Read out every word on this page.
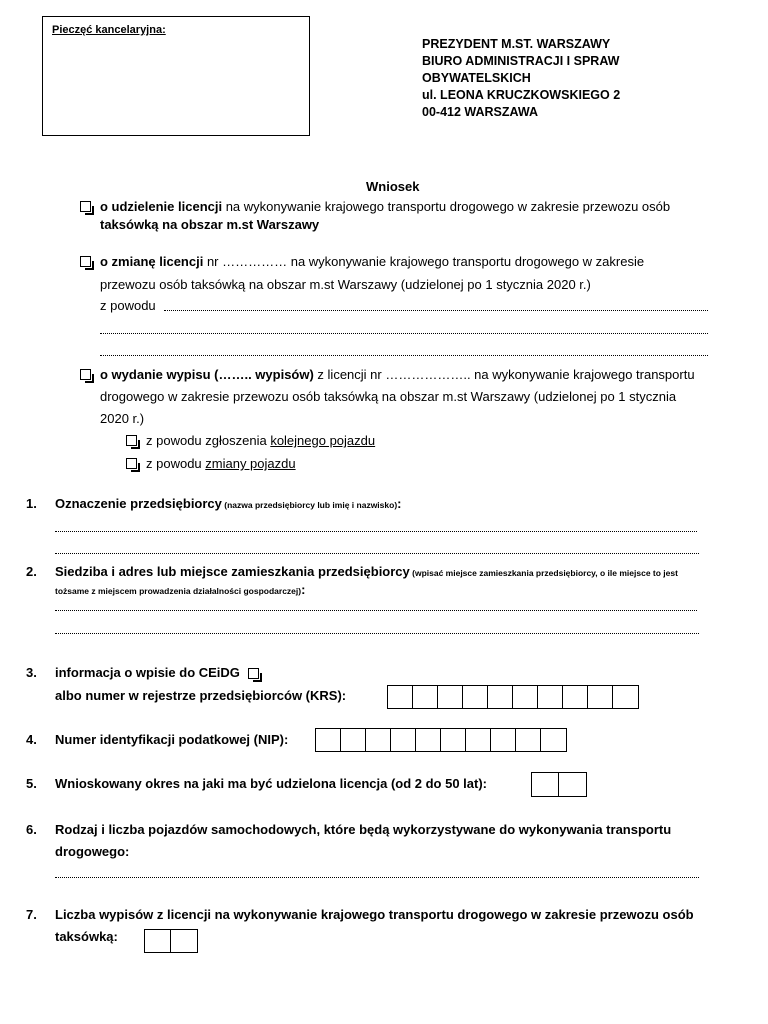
Pieczęć kancelaryjna:
PREZYDENT M.ST. WARSZAWY
BIURO ADMINISTRACJI I SPRAW
OBYWATELSKICH
ul. LEONA KRUCZKOWSKIEGO 2
00-412 WARSZAWA
Wniosek
o udzielenie licencji na wykonywanie krajowego transportu drogowego w zakresie przewozu osób
taksówką na obszar m.st Warszawy
o zmianę licencji nr …………… na wykonywanie krajowego transportu drogowego w zakresie
przewozu osób taksówką na obszar m.st Warszawy (udzielonej po 1 stycznia 2020 r.)
z powodu
o wydanie wypisu (…….. wypisów) z licencji nr ……………….. na wykonywanie krajowego transportu
drogowego w zakresie przewozu osób taksówką na obszar m.st Warszawy (udzielonej po 1 stycznia
2020 r.)
z powodu zgłoszenia kolejnego pojazdu
z powodu zmiany pojazdu
1. Oznaczenie przedsiębiorcy (nazwa przedsiębiorcy lub imię i nazwisko):
2. Siedziba i adres lub miejsce zamieszkania przedsiębiorcy (wpisać miejsce zamieszkania przedsiębiorcy, o ile miejsce to jest
tożsame z miejscem prowadzenia działalności gospodarczej):
3. informacja o wpisie do CEiDG
albo numer w rejestrze przedsiębiorców (KRS):
4. Numer identyfikacji podatkowej (NIP):
5. Wnioskowany okres na jaki ma być udzielona licencja (od 2 do 50 lat):
6. Rodzaj i liczba pojazdów samochodowych, które będą wykorzystywane do wykonywania transportu
drogowego:
7. Liczba wypisów z licencji na wykonywanie krajowego transportu drogowego w zakresie przewozu osób
taksówką:
